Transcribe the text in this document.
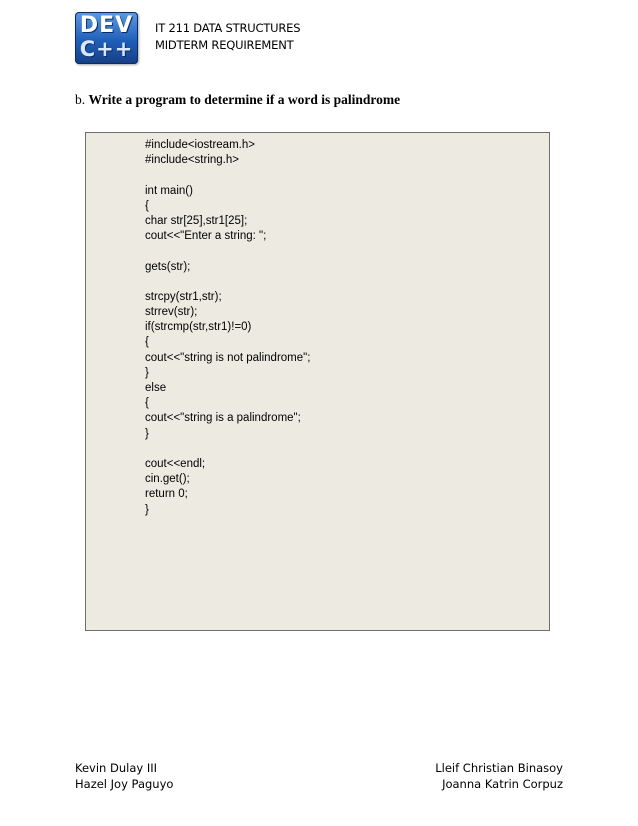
DEV
C++
IT 211 DATA STRUCTURES
MIDTERM REQUIREMENT
b. Write a program to determine if a word is palindrome
#include<iostream.h>
#include<string.h>
int main()
{
char str[25],str1[25];
cout<<"Enter a string: ";
gets(str);
strcpy(str1,str);
strrev(str);
if(strcmp(str,str1)!=0)
{
cout<<"string is not palindrome";
}
else
{
cout<<"string is a palindrome";
}
cout<<endl;
cin.get();
return 0;
}
Kevin Dulay III
Hazel Joy Paguyo
Lleif Christian Binasoy
Joanna Katrin Corpuz
